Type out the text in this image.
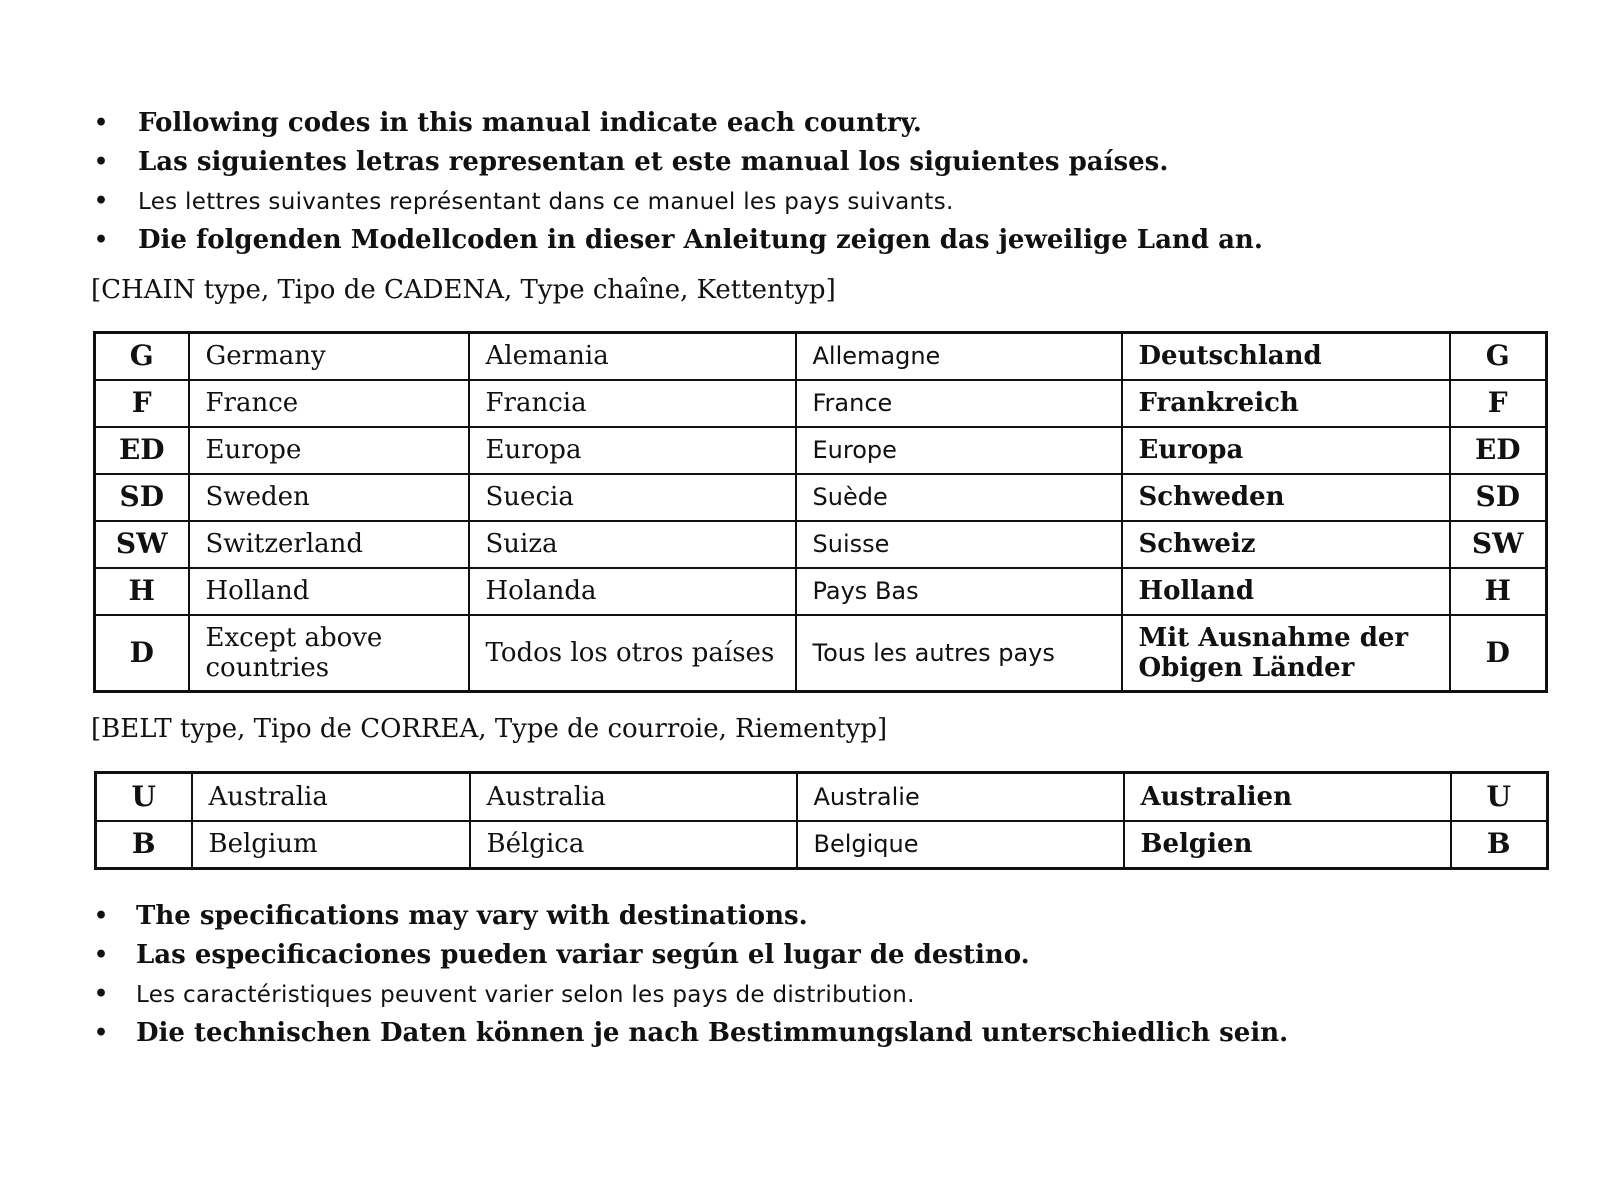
• Following codes in this manual indicate each country.
• Las siguientes letras representan et este manual los siguientes países.
• Les lettres suivantes représentant dans ce manuel les pays suivants.
• Die folgenden Modellcoden in dieser Anleitung zeigen das jeweilige Land an.
[CHAIN type, Tipo de CADENA, Type chaîne, Kettentyp]
G	Germany	Alemania	Allemagne	Deutschland	G
F	France	Francia	France	Frankreich	F
ED	Europe	Europa	Europe	Europa	ED
SD	Sweden	Suecia	Suède	Schweden	SD
SW	Switzerland	Suiza	Suisse	Schweiz	SW
H	Holland	Holanda	Pays Bas	Holland	H
D	Except above countries	Todos los otros países	Tous les autres pays	Mit Ausnahme der Obigen Länder	D
[BELT type, Tipo de CORREA, Type de courroie, Riementyp]
U	Australia	Australia	Australie	Australien	U
B	Belgium	Bélgica	Belgique	Belgien	B
• The specifications may vary with destinations.
• Las especificaciones pueden variar según el lugar de destino.
• Les caractéristiques peuvent varier selon les pays de distribution.
• Die technischen Daten können je nach Bestimmungsland unterschiedlich sein.
